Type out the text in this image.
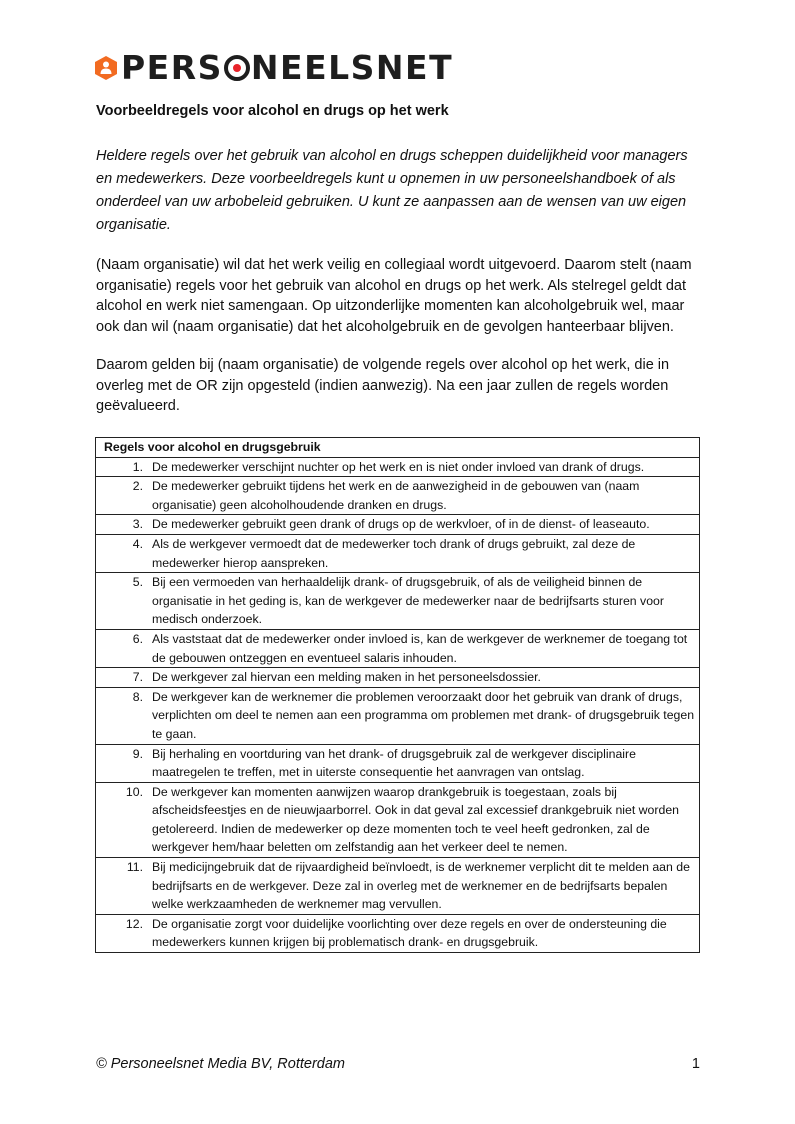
PERS NEELSNET
Voorbeeldregels voor alcohol en drugs op het werk
Heldere regels over het gebruik van alcohol en drugs scheppen duidelijkheid voor managers en medewerkers. Deze voorbeeldregels kunt u opnemen in uw personeelshandboek of als onderdeel van uw arbobeleid gebruiken. U kunt ze aanpassen aan de wensen van uw eigen organisatie.
(Naam organisatie) wil dat het werk veilig en collegiaal wordt uitgevoerd. Daarom stelt (naam organisatie) regels voor het gebruik van alcohol en drugs op het werk. Als stelregel geldt dat alcohol en werk niet samengaan. Op uitzonderlijke momenten kan alcoholgebruik wel, maar ook dan wil (naam organisatie) dat het alcoholgebruik en de gevolgen hanteerbaar blijven.
Daarom gelden bij (naam organisatie) de volgende regels over alcohol op het werk, die in overleg met de OR zijn opgesteld (indien aanwezig). Na een jaar zullen de regels worden geëvalueerd.
Regels voor alcohol en drugsgebruik	
1.	De medewerker verschijnt nuchter op het werk en is niet onder invloed van drank of drugs.
2.	De medewerker gebruikt tijdens het werk en de aanwezigheid in de gebouwen van (naam organisatie) geen alcoholhoudende dranken en drugs.
3.	De medewerker gebruikt geen drank of drugs op de werkvloer, of in de dienst- of leaseauto.
4.	Als de werkgever vermoedt dat de medewerker toch drank of drugs gebruikt, zal deze de medewerker hierop aanspreken.
5.	Bij een vermoeden van herhaaldelijk drank- of drugsgebruik, of als de veiligheid binnen de organisatie in het geding is, kan de werkgever de medewerker naar de bedrijfsarts sturen voor medisch onderzoek.
6.	Als vaststaat dat de medewerker onder invloed is, kan de werkgever de werknemer de toegang tot de gebouwen ontzeggen en eventueel salaris inhouden.
7.	De werkgever zal hiervan een melding maken in het personeelsdossier.
8.	De werkgever kan de werknemer die problemen veroorzaakt door het gebruik van drank of drugs, verplichten om deel te nemen aan een programma om problemen met drank- of drugsgebruik tegen te gaan.
9.	Bij herhaling en voortduring van het drank- of drugsgebruik zal de werkgever disciplinaire maatregelen te treffen, met in uiterste consequentie het aanvragen van ontslag.
10.	De werkgever kan momenten aanwijzen waarop drankgebruik is toegestaan, zoals bij afscheidsfeestjes en de nieuwjaarborrel. Ook in dat geval zal excessief drankgebruik niet worden getolereerd. Indien de medewerker op deze momenten toch te veel heeft gedronken, zal de werkgever hem/haar beletten om zelfstandig aan het verkeer deel te nemen.
11.	Bij medicijngebruik dat de rijvaardigheid beïnvloedt, is de werknemer verplicht dit te melden aan de bedrijfsarts en de werkgever. Deze zal in overleg met de werknemer en de bedrijfsarts bepalen welke werkzaamheden de werknemer mag vervullen.
12.	De organisatie zorgt voor duidelijke voorlichting over deze regels en over de ondersteuning die medewerkers kunnen krijgen bij problematisch drank- en drugsgebruik.
© Personeelsnet Media BV, Rotterdam	1
